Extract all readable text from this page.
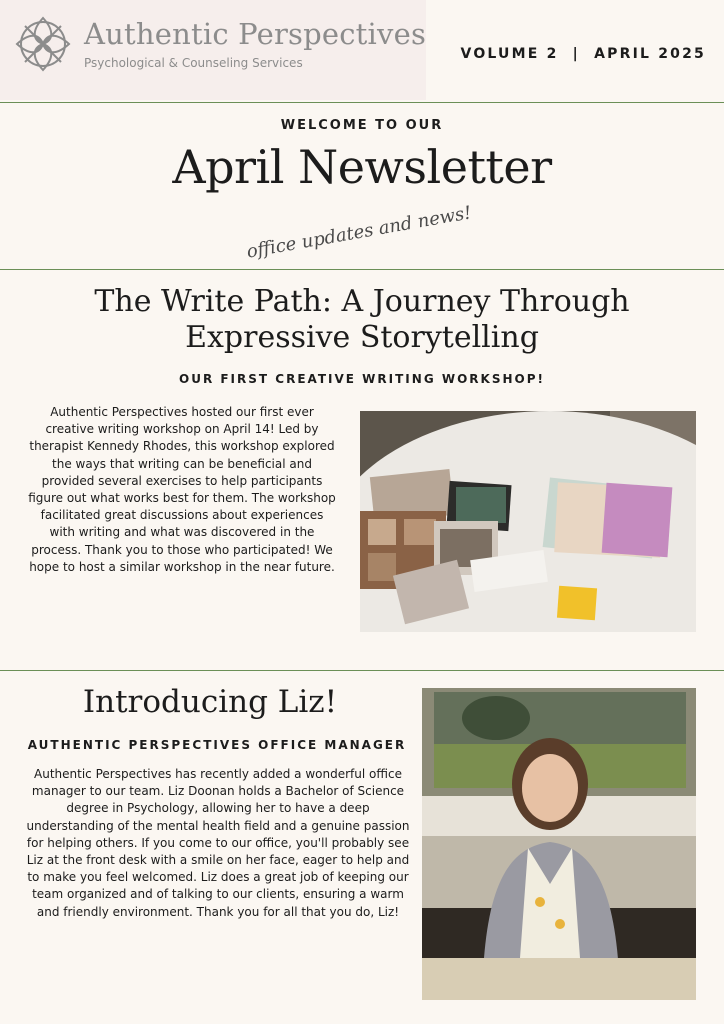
Authentic Perspectives
Psychological & Counseling Services
VOLUME 2  |  APRIL 2025
WELCOME TO OUR
April Newsletter
office updates and news!
The Write Path: A Journey Through Expressive Storytelling
OUR FIRST CREATIVE WRITING WORKSHOP!
Authentic Perspectives hosted our first ever creative writing workshop on April 14! Led by therapist Kennedy Rhodes, this workshop explored the ways that writing can be beneficial and provided several exercises to help participants figure out what works best for them. The workshop facilitated great discussions about experiences with writing and what was discovered in the process. Thank you to those who participated! We hope to host a similar workshop in the near future.
Introducing Liz!
AUTHENTIC PERSPECTIVES OFFICE MANAGER
Authentic Perspectives has recently added a wonderful office manager to our team. Liz Doonan holds a Bachelor of Science degree in Psychology, allowing her to have a deep understanding of the mental health field and a genuine passion for helping others. If you come to our office, you'll probably see Liz at the front desk with a smile on her face, eager to help and to make you feel welcomed. Liz does a great job of keeping our team organized and of talking to our clients, ensuring a warm and friendly environment. Thank you for all that you do, Liz!
